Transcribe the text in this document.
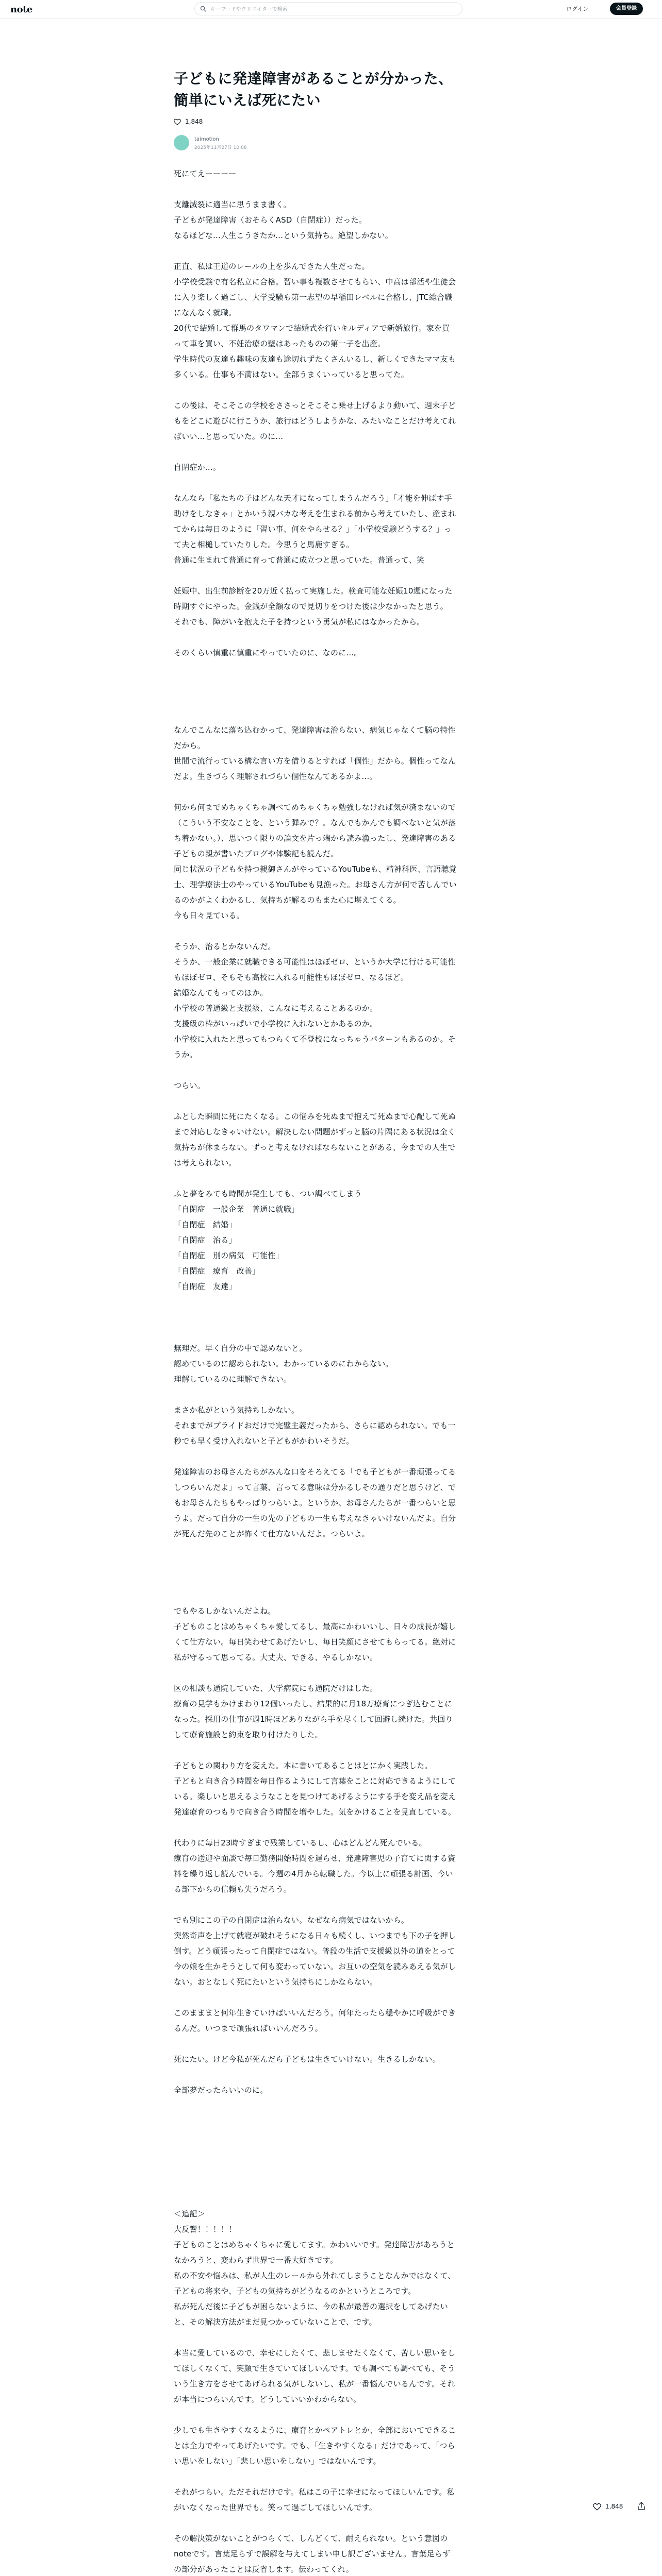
note
キーワードやクリエイターで検索	ログイン	会員登録
子どもに発達障害があることが分かった、簡単にいえば死にたい
1,848
taimotion
2025年11月27日 10:08

死にてえーーーー

支離滅裂に適当に思うまま書く。
子どもが発達障害（おそらくASD（自閉症））だった。
なるほどな...人生こうきたか...という気持ち。絶望しかない。

正直、私は王道のレールの上を歩んできた人生だった。
小学校受験で有名私立に合格。習い事も複数させてもらい、中高は部活や生徒会に入り楽しく過ごし、大学受験も第一志望の早稲田レベルに合格し、JTC総合職になんなく就職。
20代で結婚して群馬のタワマンで結婚式を行いキルディアで新婚旅行。家を買って車を買い、不妊治療の壁はあったものの第一子を出産。
学生時代の友達も趣味の友達も途切れずたくさんいるし、新しくできたママ友も多くいる。仕事も不満はない。全部うまくいっていると思ってた。

この後は、そこそこの学校をささっとそこそこ乗せ上げるより動いて、週末子どもをどこに遊びに行こうか、旅行はどうしようかな、みたいなことだけ考えてればいい...と思っていた。のに...

自閉症か...。

なんなら「私たちの子はどんな天才になってしまうんだろう」「才能を伸ばす手助けをしなきゃ」とかいう親バカな考えを生まれる前から考えていたし、産まれてからは毎日のように「習い事、何をやらせる？」「小学校受験どうする？」って夫と相槌していたりした。今思うと馬鹿すぎる。
普通に生まれて普通に育って普通に成立つと思っていた。普通って、笑

妊娠中、出生前診断を20万近く払って実施した。検査可能な妊娠10週になった時期すぐにやった。金銭が全額なので見切りをつけた後は少なかったと思う。
それでも、障がいを抱えた子を持つという勇気が私にはなかったから。

そのくらい慎重に慎重にやっていたのに、なのに...。

なんでこんなに落ち込むかって、発達障害は治らない、病気じゃなくて脳の特性だから。
世間で流行っている構な言い方を借りるとすれば「個性」だから。個性ってなんだよ。生きづらく理解されづらい個性なんてあるかよ...。

何から何までめちゃくちゃ調べてめちゃくちゃ勉強しなければ気が済まないので（こういう不安なことを、という弾みで？。なんでもかんでも調べないと気が落ち着かない。）、思いつく限りの論文を片っ端から読み漁ったし、発達障害のある子どもの親が書いたブログや体験記も読んだ。
同じ状況の子どもを持つ親御さんがやっているYouTubeも、精神科医、言語聴覚士、理学療法士のやっているYouTubeも見漁った。お母さん方が何で苦しんでいるのかがよくわかるし、気持ちが解るのもまた心に堪えてくる。
今も日々見ている。

そうか、治るとかないんだ。
そうか、一般企業に就職できる可能性はほぼゼロ、というか大学に行ける可能性もほぼゼロ、そもそも高校に入れる可能性もほぼゼロ、なるほど。
結婚なんてもってのほか。
小学校の普通級と支援級、こんなに考えることあるのか。
支援級の枠がいっぱいで小学校に入れないとかあるのか。
小学校に入れたと思ってもつらくて不登校になっちゃうパターンもあるのか。そうか。

つらい。

ふとした瞬間に死にたくなる。この悩みを死ぬまで抱えて死ぬまで心配して死ぬまで対応しなきゃいけない。解決しない問題がずっと脳の片隅にある状況は全く気持ちが休まらない。ずっと考えなければならないことがある、今までの人生では考えられない。

ふと夢をみても時間が発生しても、つい調べてしまう
「自閉症　一般企業　普通に就職」
「自閉症　結婚」
「自閉症　治る」
「自閉症　別の病気　可能性」
「自閉症　療育　改善」
「自閉症　友達」

無理だ。早く自分の中で認めないと。
認めているのに認められない。わかっているのにわからない。
理解しているのに理解できない。

まさか私がという気持ちしかない。
それまでがプライドおだけで完璧主義だったから、さらに認められない。でも一秒でも早く受け入れないと子どもがかわいそうだ。

発達障害のお母さんたちがみんな口をそろえてる「でも子どもが一番頑張ってるしつらいんだよ」って言葉、言ってる意味は分かるしその通りだと思うけど、でもお母さんたちもやっぱりつらいよ。というか、お母さんたちが一番つらいと思うよ。だって自分の一生の先の子どもの一生も考えなきゃいけないんだよ。自分が死んだ先のことが怖くて仕方ないんだよ。つらいよ。

でもやるしかないんだよね。
子どものことはめちゃくちゃ愛してるし、最高にかわいいし、日々の成長が嬉しくて仕方ない。毎日笑わせてあげたいし、毎日笑顔にさせてもらってる。絶対に私が守るって思ってる。大丈夫、できる、やるしかない。

区の相談も通院していた、大学病院にも通院だけはした。
療育の見学もかけまわり12個いったし、結果的に月18万療育につぎ込むことになった。採用の仕事が週1時ほどありながら手を尽くして回避し続けた。共回りして療育施設と約束を取り付けたりした。

子どもとの関わり方を変えた。本に書いてあることはとにかく実践した。
子どもと向き合う時間を毎日作るようにして言葉をことに対応できるようにしている。楽しいと思えるようなことを見つけてあげるようにする手を変え品を変え発達療育のつもりで向き合う時間を増やした。気をかけることを見直している。

代わりに毎日23時すぎまで残業しているし、心はどんどん死んでいる。
療育の送迎や面談で毎日勤務開始時間を遅らせ、発達障害児の子育てに関する資料を繰り返し読んでいる。今週の4月から転職した。今以上に頑張る計画、今いる部下からの信頼も失うだろう。

でも別にこの子の自閉症は治らない。なぜなら病気ではないから。
突然奇声を上げて就寝が破れそうになる日々も続くし、いつまでも下の子を押し倒す。どう頑張ったって自閉症ではない。普段の生活で支援級以外の道をとって今の娘を生かそうとして何も変わっていない。お互いの空気を読みあえる気がしない。おとなしく死にたいという気持ちにしかならない。

このまままと何年生きていけばいいんだろう。何年たったら穏やかに呼吸ができるんだ。いつまで頑張ればいいんだろう。

死にたい。けど今私が死んだら子どもは生きていけない。生きるしかない。

全部夢だったらいいのに。

＜追記＞
大反響！！！！！
子どものことはめちゃくちゃに愛してます。かわいいです。発達障害があろうとなかろうと、変わらず世界で一番大好きです。
私の不安や悩みは、私が人生のレールから外れてしまうことなんかではなくて、子どもの将来や、子どもの気持ちがどうなるのかというところです。
私が死んだ後に子どもが困らないように、今の私が最善の選択をしてあげたいと、その解決方法がまだ見つかっていないことで、です。

本当に愛しているので、幸せにしたくて、悲しませたくなくて、苦しい思いをしてほしくなくて、笑顔で生きていてほしいんです。でも調べても調べても、そういう生き方をさせてあげられる気がしないし、私が一番悩んでいるんです。それが本当につらいんです。どうしていいかわからない。

少しでも生きやすくなるように、療育とかペアトレとか、全部においてできることは全力でやってあげたいです。でも、「生きやすくなる」だけであって、「つらい思いをしない」「悲しい思いをしない」ではないんです。

それがつらい。ただそれだけです。私はこの子に幸せになってほしいんです。私がいなくなった世界でも。笑って過ごしてほしいんです。

その解決策がないことがつらくて、しんどくて、耐えられない。という意図のnoteです。言葉足らずで誤解を与えてしまい申し訳ございません。言葉足らずの部分があったことは反省します。伝わってくれ。

1,848
